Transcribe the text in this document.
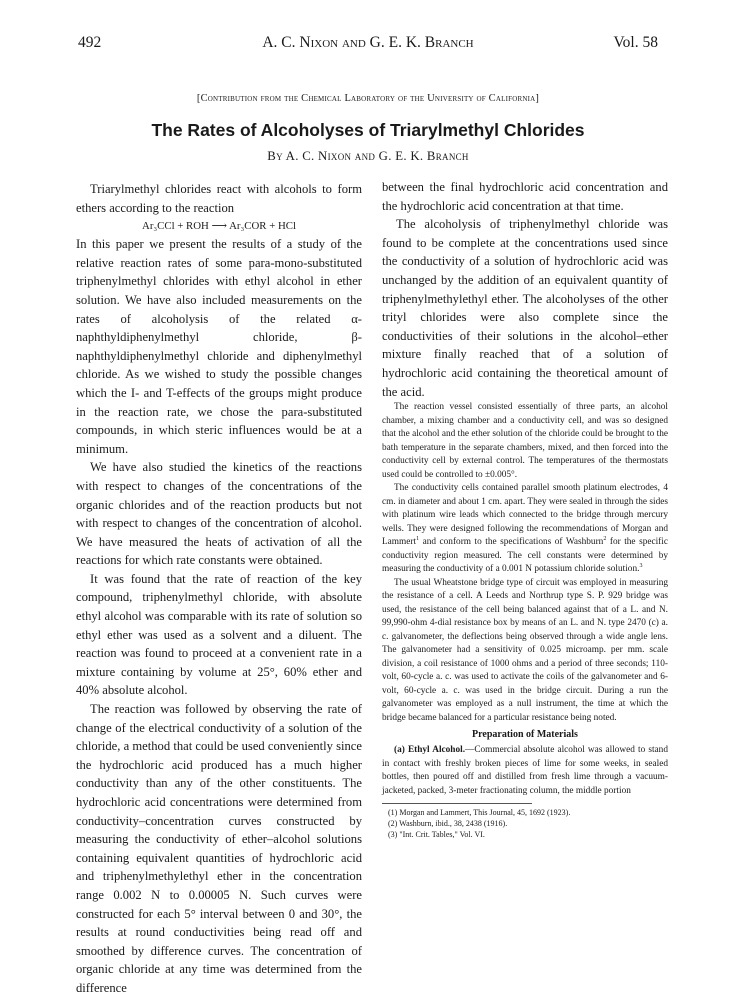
492	A. C. Nixon and G. E. K. Branch	Vol. 58
[Contribution from the Chemical Laboratory of the University of California]
The Rates of Alcoholyses of Triarylmethyl Chlorides
By A. C. Nixon and G. E. K. Branch

Triarylmethyl chlorides react with alcohols to form ethers according to the reaction

Ar₃CCl + ROH ⟶ Ar₃COR + HCl

In this paper we present the results of a study of the relative reaction rates of some para-mono-substituted triphenylmethyl chlorides with ethyl alcohol in ether solution. We have also included measurements on the rates of alcoholysis of the related α-naphthyldiphenylmethyl chloride, β-naphthyldiphenylmethyl chloride and diphenylmethyl chloride. As we wished to study the possible changes which the I- and T-effects of the groups might produce in the reaction rate, we chose the para-substituted compounds, in which steric influences would be at a minimum.

We have also studied the kinetics of the reactions with respect to changes of the concentrations of the organic chlorides and of the reaction products but not with respect to changes of the concentration of alcohol. We have measured the heats of activation of all the reactions for which rate constants were obtained.

It was found that the rate of reaction of the key compound, triphenylmethyl chloride, with absolute ethyl alcohol was comparable with its rate of solution so ethyl ether was used as a solvent and a diluent. The reaction was found to proceed at a convenient rate in a mixture containing by volume at 25°, 60% ether and 40% absolute alcohol.

The reaction was followed by observing the rate of change of the electrical conductivity of a solution of the chloride, a method that could be used conveniently since the hydrochloric acid produced has a much higher conductivity than any of the other constituents. The hydrochloric acid concentrations were determined from conductivity–concentration curves constructed by measuring the conductivity of ether–alcohol solutions containing equivalent quantities of hydrochloric acid and triphenylmethylethyl ether in the concentration range 0.002 N to 0.00005 N. Such curves were constructed for each 5° interval between 0 and 30°, the results at round conductivities being read off and smoothed by difference curves. The concentration of organic chloride at any time was determined from the difference

between the final hydrochloric acid concentration and the hydrochloric acid concentration at that time.

The alcoholysis of triphenylmethyl chloride was found to be complete at the concentrations used since the conductivity of a solution of hydrochloric acid was unchanged by the addition of an equivalent quantity of triphenylmethylethyl ether. The alcoholyses of the other trityl chlorides were also complete since the conductivities of their solutions in the alcohol–ether mixture finally reached that of a solution of hydrochloric acid containing the theoretical amount of the acid.

The reaction vessel consisted essentially of three parts, an alcohol chamber, a mixing chamber and a conductivity cell, and was so designed that the alcohol and the ether solution of the chloride could be brought to the bath temperature in the separate chambers, mixed, and then forced into the conductivity cell by external control. The temperatures of the thermostats used could be controlled to ±0.005°.

The conductivity cells contained parallel smooth platinum electrodes, 4 cm. in diameter and about 1 cm. apart. They were sealed in through the sides with platinum wire leads which connected to the bridge through mercury wells. They were designed following the recommendations of Morgan and Lammert$^1$ and conform to the specifications of Washburn$^2$ for the specific conductivity region measured. The cell constants were determined by measuring the conductivity of a 0.001 N potassium chloride solution.$^3$

The usual Wheatstone bridge type of circuit was employed in measuring the resistance of a cell. A Leeds and Northrup type S. P. 929 bridge was used, the resistance of the cell being balanced against that of a L. and N. 99,990-ohm 4-dial resistance box by means of an L. and N. type 2470 (c) a. c. galvanometer, the deflections being observed through a wide angle lens. The galvanometer had a sensitivity of 0.025 microamp. per mm. scale division, a coil resistance of 1000 ohms and a period of three seconds; 110-volt, 60-cycle a. c. was used to activate the coils of the galvanometer and 6-volt, 60-cycle a. c. was used in the bridge circuit. During a run the galvanometer was employed as a null instrument, the time at which the bridge became balanced for a particular resistance being noted.

Preparation of Materials

(a) Ethyl Alcohol.—Commercial absolute alcohol was allowed to stand in contact with freshly broken pieces of lime for some weeks, in sealed bottles, then poured off and distilled from fresh lime through a vacuum-jacketed, packed, 3-meter fractionating column, the middle portion

(1) Morgan and Lammert, This Journal, 45, 1692 (1923).
(2) Washburn, ibid., 38, 2438 (1916).
(3) "Int. Crit. Tables," Vol. VI.
